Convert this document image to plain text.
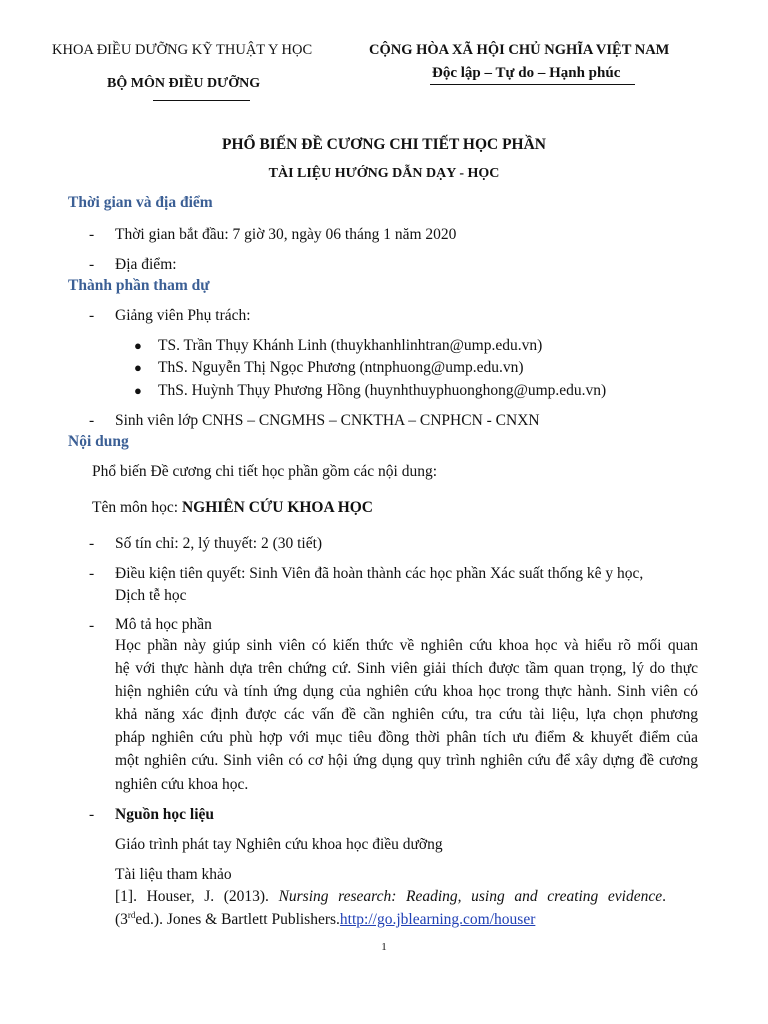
KHOA ĐIỀU DƯỠNG KỸ THUẬT Y HỌC
BỘ MÔN ĐIỀU DƯỠNG
CỘNG HÒA XÃ HỘI CHỦ NGHĨA VIỆT NAM
Độc lập – Tự do – Hạnh phúc
PHỔ BIẾN ĐỀ CƯƠNG CHI TIẾT HỌC PHẦN
TÀI LIỆU HƯỚNG DẪN DẠY - HỌC
Thời gian và địa điểm
- Thời gian bắt đầu: 7 giờ 30, ngày 06 tháng 1 năm 2020
- Địa điểm:
Thành phần tham dự
- Giảng viên Phụ trách:
● TS. Trần Thụy Khánh Linh (thuykhanhlinhtran@ump.edu.vn)
● ThS. Nguyễn Thị Ngọc Phương (ntnphuong@ump.edu.vn)
● ThS. Huỳnh Thụy Phương Hồng (huynhthuyphuonghong@ump.edu.vn)
- Sinh viên lớp CNHS – CNGMHS – CNKTHA – CNPHCN - CNXN
Nội dung
Phổ biến Đề cương chi tiết học phần gồm các nội dung:
Tên môn học: NGHIÊN CỨU KHOA HỌC
- Số tín chỉ: 2, lý thuyết: 2 (30 tiết)
- Điều kiện tiên quyết: Sinh Viên đã hoàn thành các học phần Xác suất thống kê y học,
Dịch tễ học
- Mô tả học phần
Học phần này giúp sinh viên có kiến thức về nghiên cứu khoa học và hiểu rõ mối quan
hệ với thực hành dựa trên chứng cứ. Sinh viên giải thích được tầm quan trọng, lý do thực
hiện nghiên cứu và tính ứng dụng của nghiên cứu khoa học trong thực hành. Sinh viên có
khả năng xác định được các vấn đề cần nghiên cứu, tra cứu tài liệu, lựa chọn phương
pháp nghiên cứu phù hợp với mục tiêu đồng thời phân tích ưu điểm & khuyết điểm của
một nghiên cứu. Sinh viên có cơ hội ứng dụng quy trình nghiên cứu để xây dựng đề cương
nghiên cứu khoa học.
- Nguồn học liệu
Giáo trình phát tay Nghiên cứu khoa học điều dưỡng
Tài liệu tham khảo
[1]. Houser, J. (2013). Nursing research: Reading, using and creating evidence.
(3rded.). Jones & Bartlett Publishers.http://go.jblearning.com/houser
1
